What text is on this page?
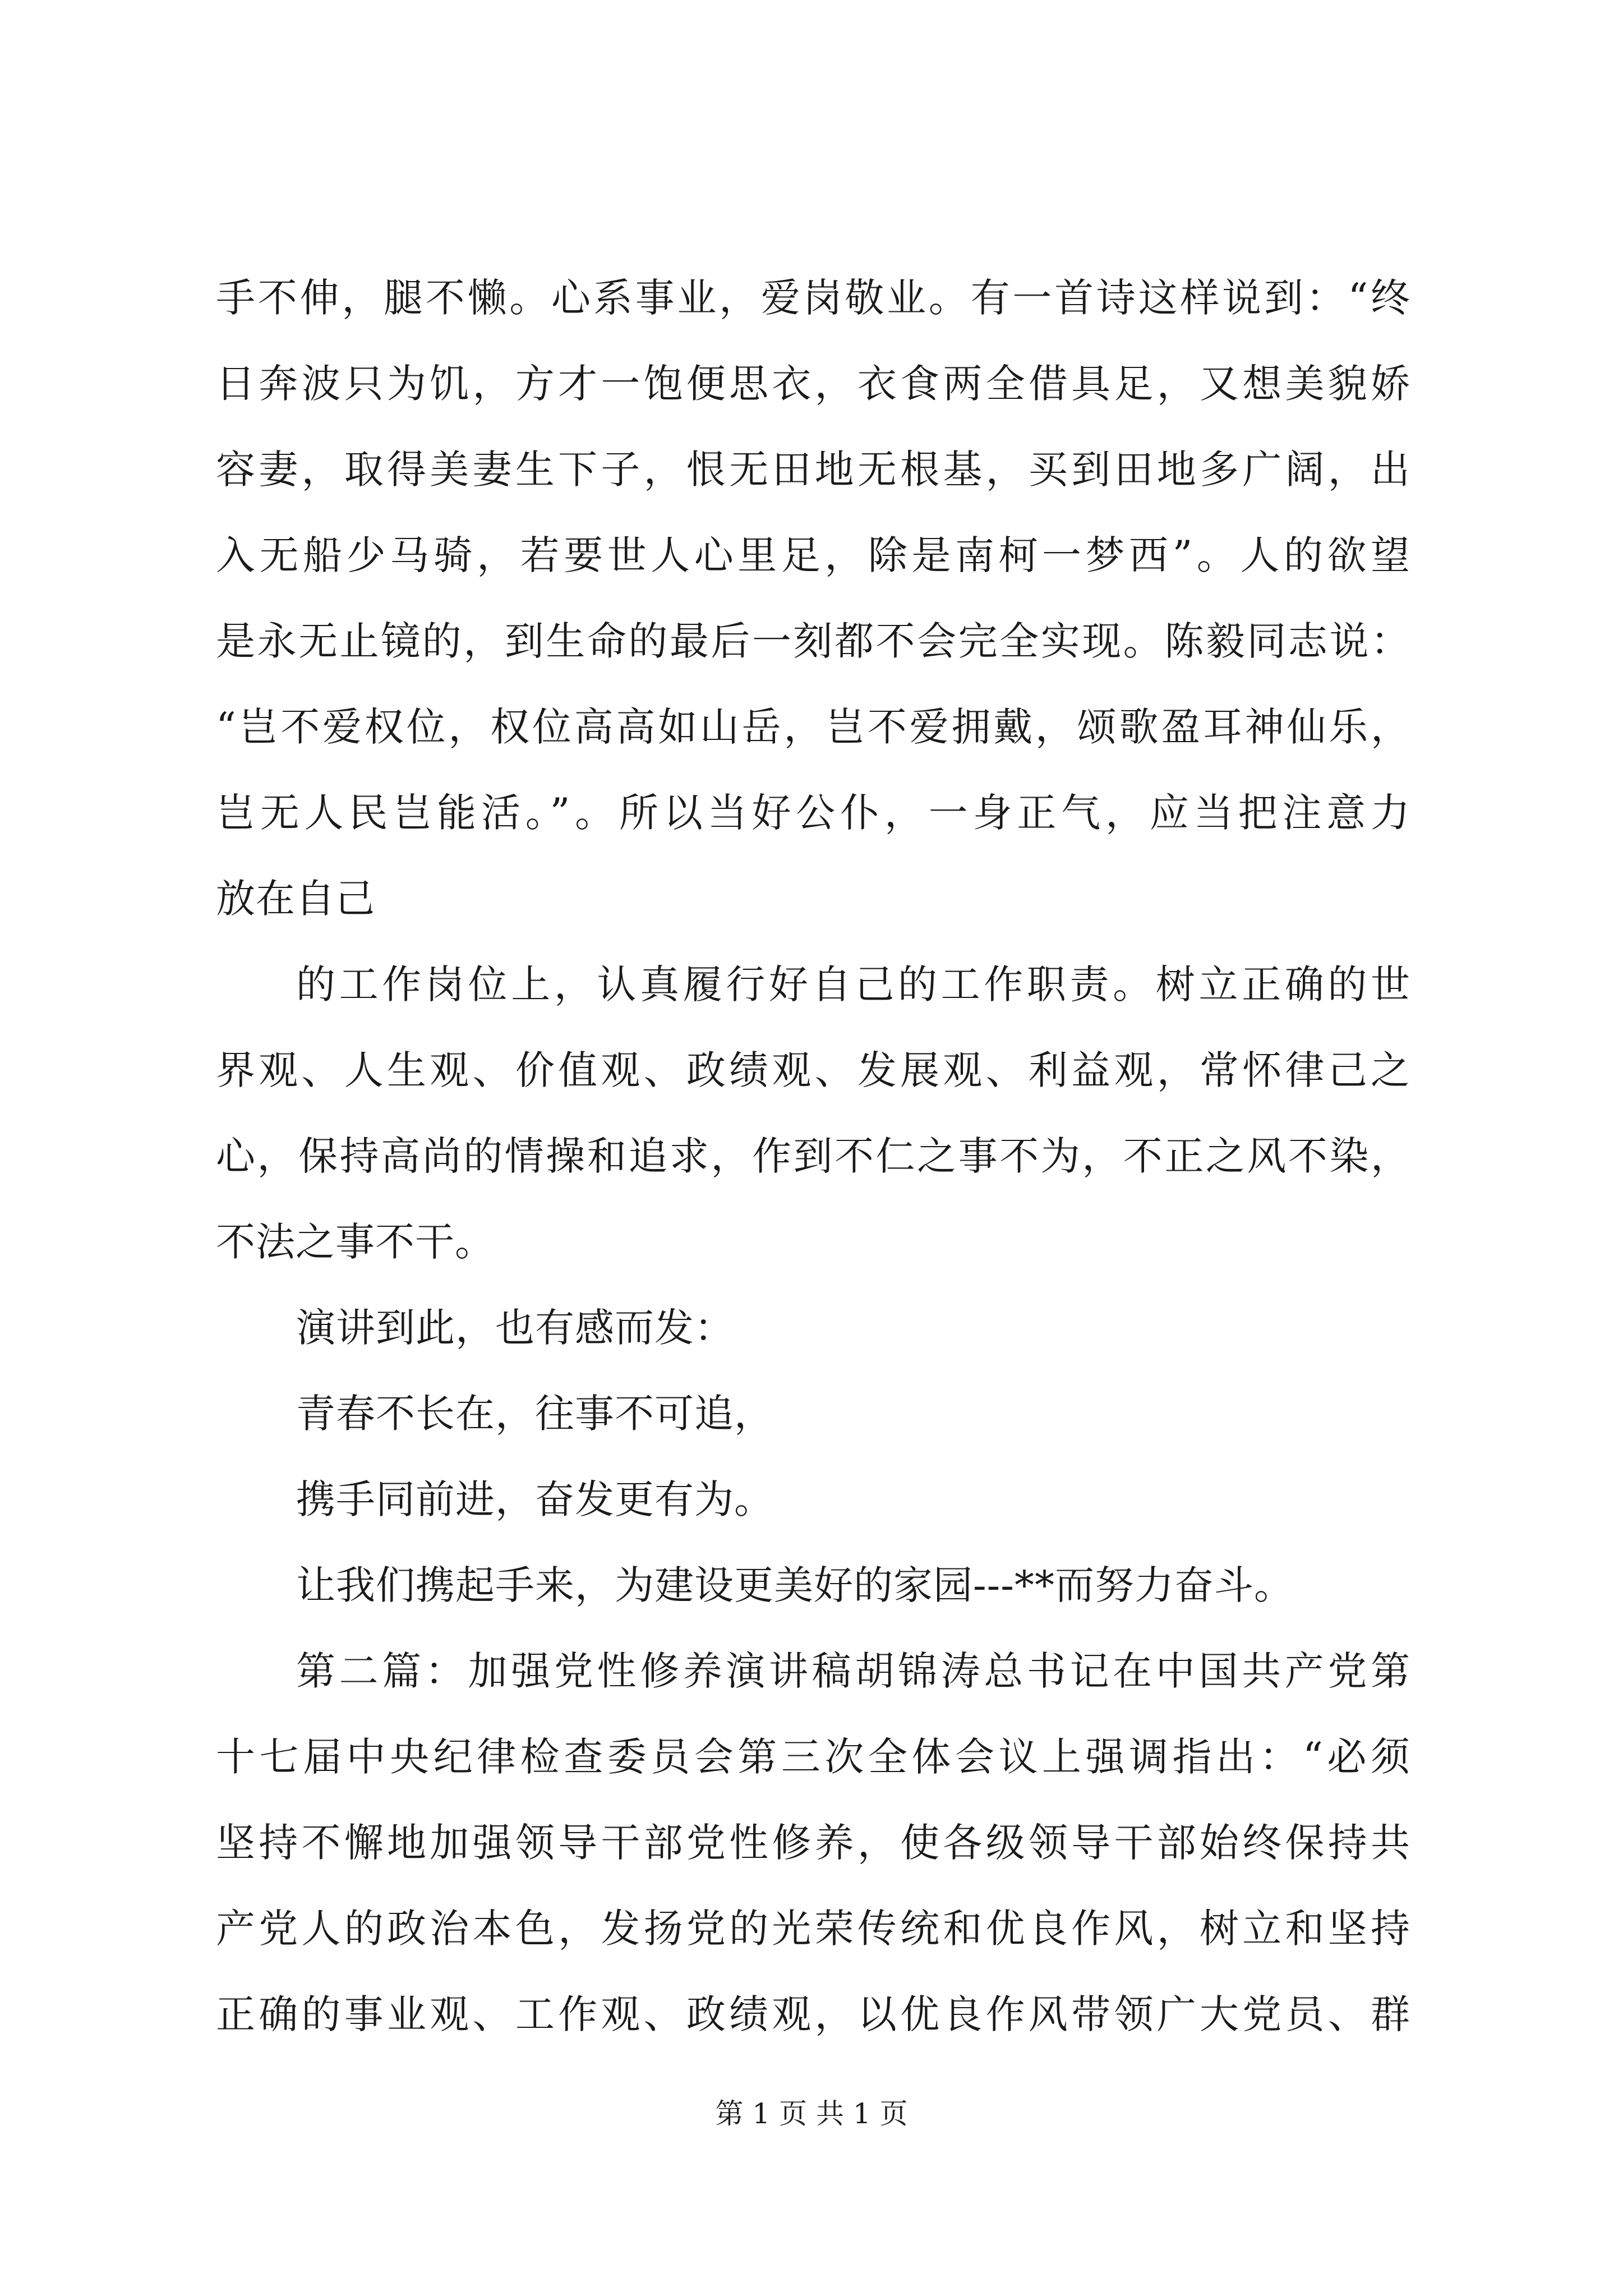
手不伸，腿不懒。心系事业，爱岗敬业。有一首诗这样说到：“终
日奔波只为饥，方才一饱便思衣，衣食两全借具足，又想美貌娇
容妻，取得美妻生下子，恨无田地无根基，买到田地多广阔，出
入无船少马骑，若要世人心里足，除是南柯一梦西”。人的欲望
是永无止镜的，到生命的最后一刻都不会完全实现。陈毅同志说：
“岂不爱权位，权位高高如山岳，岂不爱拥戴，颂歌盈耳神仙乐，
岂无人民岂能活。”。所以当好公仆，一身正气，应当把注意力
放在自己
的工作岗位上，认真履行好自己的工作职责。树立正确的世
界观、人生观、价值观、政绩观、发展观、利益观，常怀律己之
心，保持高尚的情操和追求，作到不仁之事不为，不正之风不染，
不法之事不干。
演讲到此，也有感而发：
青春不长在，往事不可追，
携手同前进，奋发更有为。
让我们携起手来，为建设更美好的家园---**而努力奋斗。
第二篇：加强党性修养演讲稿胡锦涛总书记在中国共产党第
十七届中央纪律检查委员会第三次全体会议上强调指出：“必须
坚持不懈地加强领导干部党性修养，使各级领导干部始终保持共
产党人的政治本色，发扬党的光荣传统和优良作风，树立和坚持
正确的事业观、工作观、政绩观，以优良作风带领广大党员、群
第 1 页 共 1 页
